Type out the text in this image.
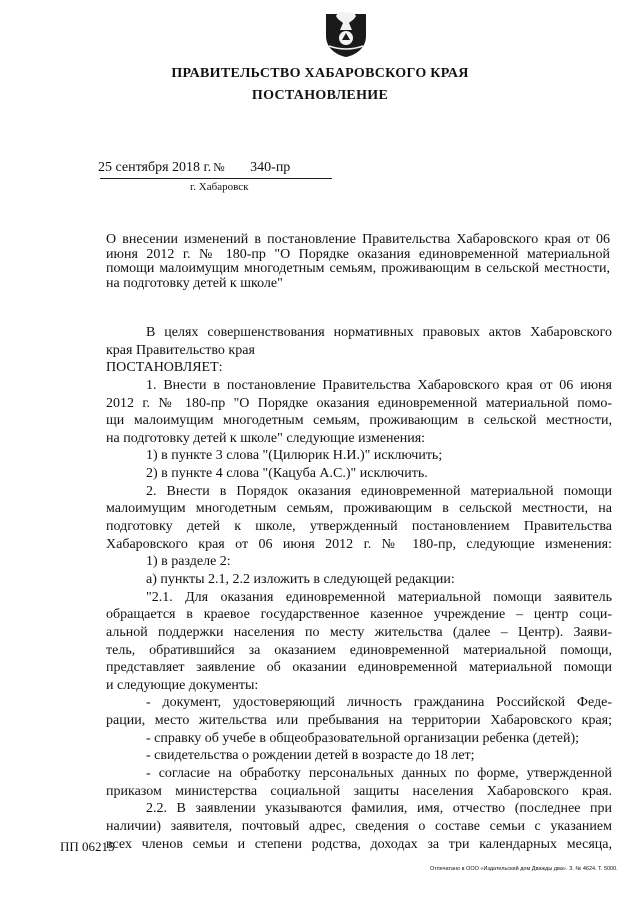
ПРАВИТЕЛЬСТВО ХАБАРОВСКОГО КРАЯ
ПОСТАНОВЛЕНИЕ
25 сентября 2018 г. № 340-пр
г. Хабаровск
О внесении изменений в постановление Правительства Хабаровского края от 06 июня 2012 г. № 180-пр "О Порядке оказания единовременной материальной помощи малоимущим многодетным семьям, проживающим в сельской местности, на подготовку детей к школе"
В целях совершенствования нормативных правовых актов Хабаровского
края Правительство края
ПОСТАНОВЛЯЕТ:
1. Внести в постановление Правительства Хабаровского края от 06 июня
2012 г. № 180-пр "О Порядке оказания единовременной материальной помо-
щи малоимущим многодетным семьям, проживающим в сельской местности,
на подготовку детей к школе" следующие изменения:
1) в пункте 3 слова "(Цилюрик Н.И.)" исключить;
2) в пункте 4 слова "(Кацуба А.С.)" исключить.
2. Внести в Порядок оказания единовременной материальной помощи
малоимущим многодетным семьям, проживающим в сельской местности, на
подготовку детей к школе, утвержденный постановлением Правительства
Хабаровского края от 06 июня 2012 г. № 180-пр, следующие изменения:
1) в разделе 2:
а) пункты 2.1, 2.2 изложить в следующей редакции:
"2.1. Для оказания единовременной материальной помощи заявитель
обращается в краевое государственное казенное учреждение – центр соци-
альной поддержки населения по месту жительства (далее – Центр). Заяви-
тель, обратившийся за оказанием единовременной материальной помощи,
представляет заявление об оказании единовременной материальной помощи
и следующие документы:
- документ, удостоверяющий личность гражданина Российской Феде-
рации, место жительства или пребывания на территории Хабаровского края;
- справку об учебе в общеобразовательной организации ребенка (детей);
- свидетельства о рождении детей в возрасте до 18 лет;
- согласие на обработку персональных данных по форме, утвержденной
приказом министерства социальной защиты населения Хабаровского края.
2.2. В заявлении указываются фамилия, имя, отчество (последнее при
наличии) заявителя, почтовый адрес, сведения о составе семьи с указанием
всех членов семьи и степени родства, доходах за три календарных месяца,
ПП 06215
Отпечатано в ООО «Издательский дом Дважды два». З. № 4624. Т. 5000.
